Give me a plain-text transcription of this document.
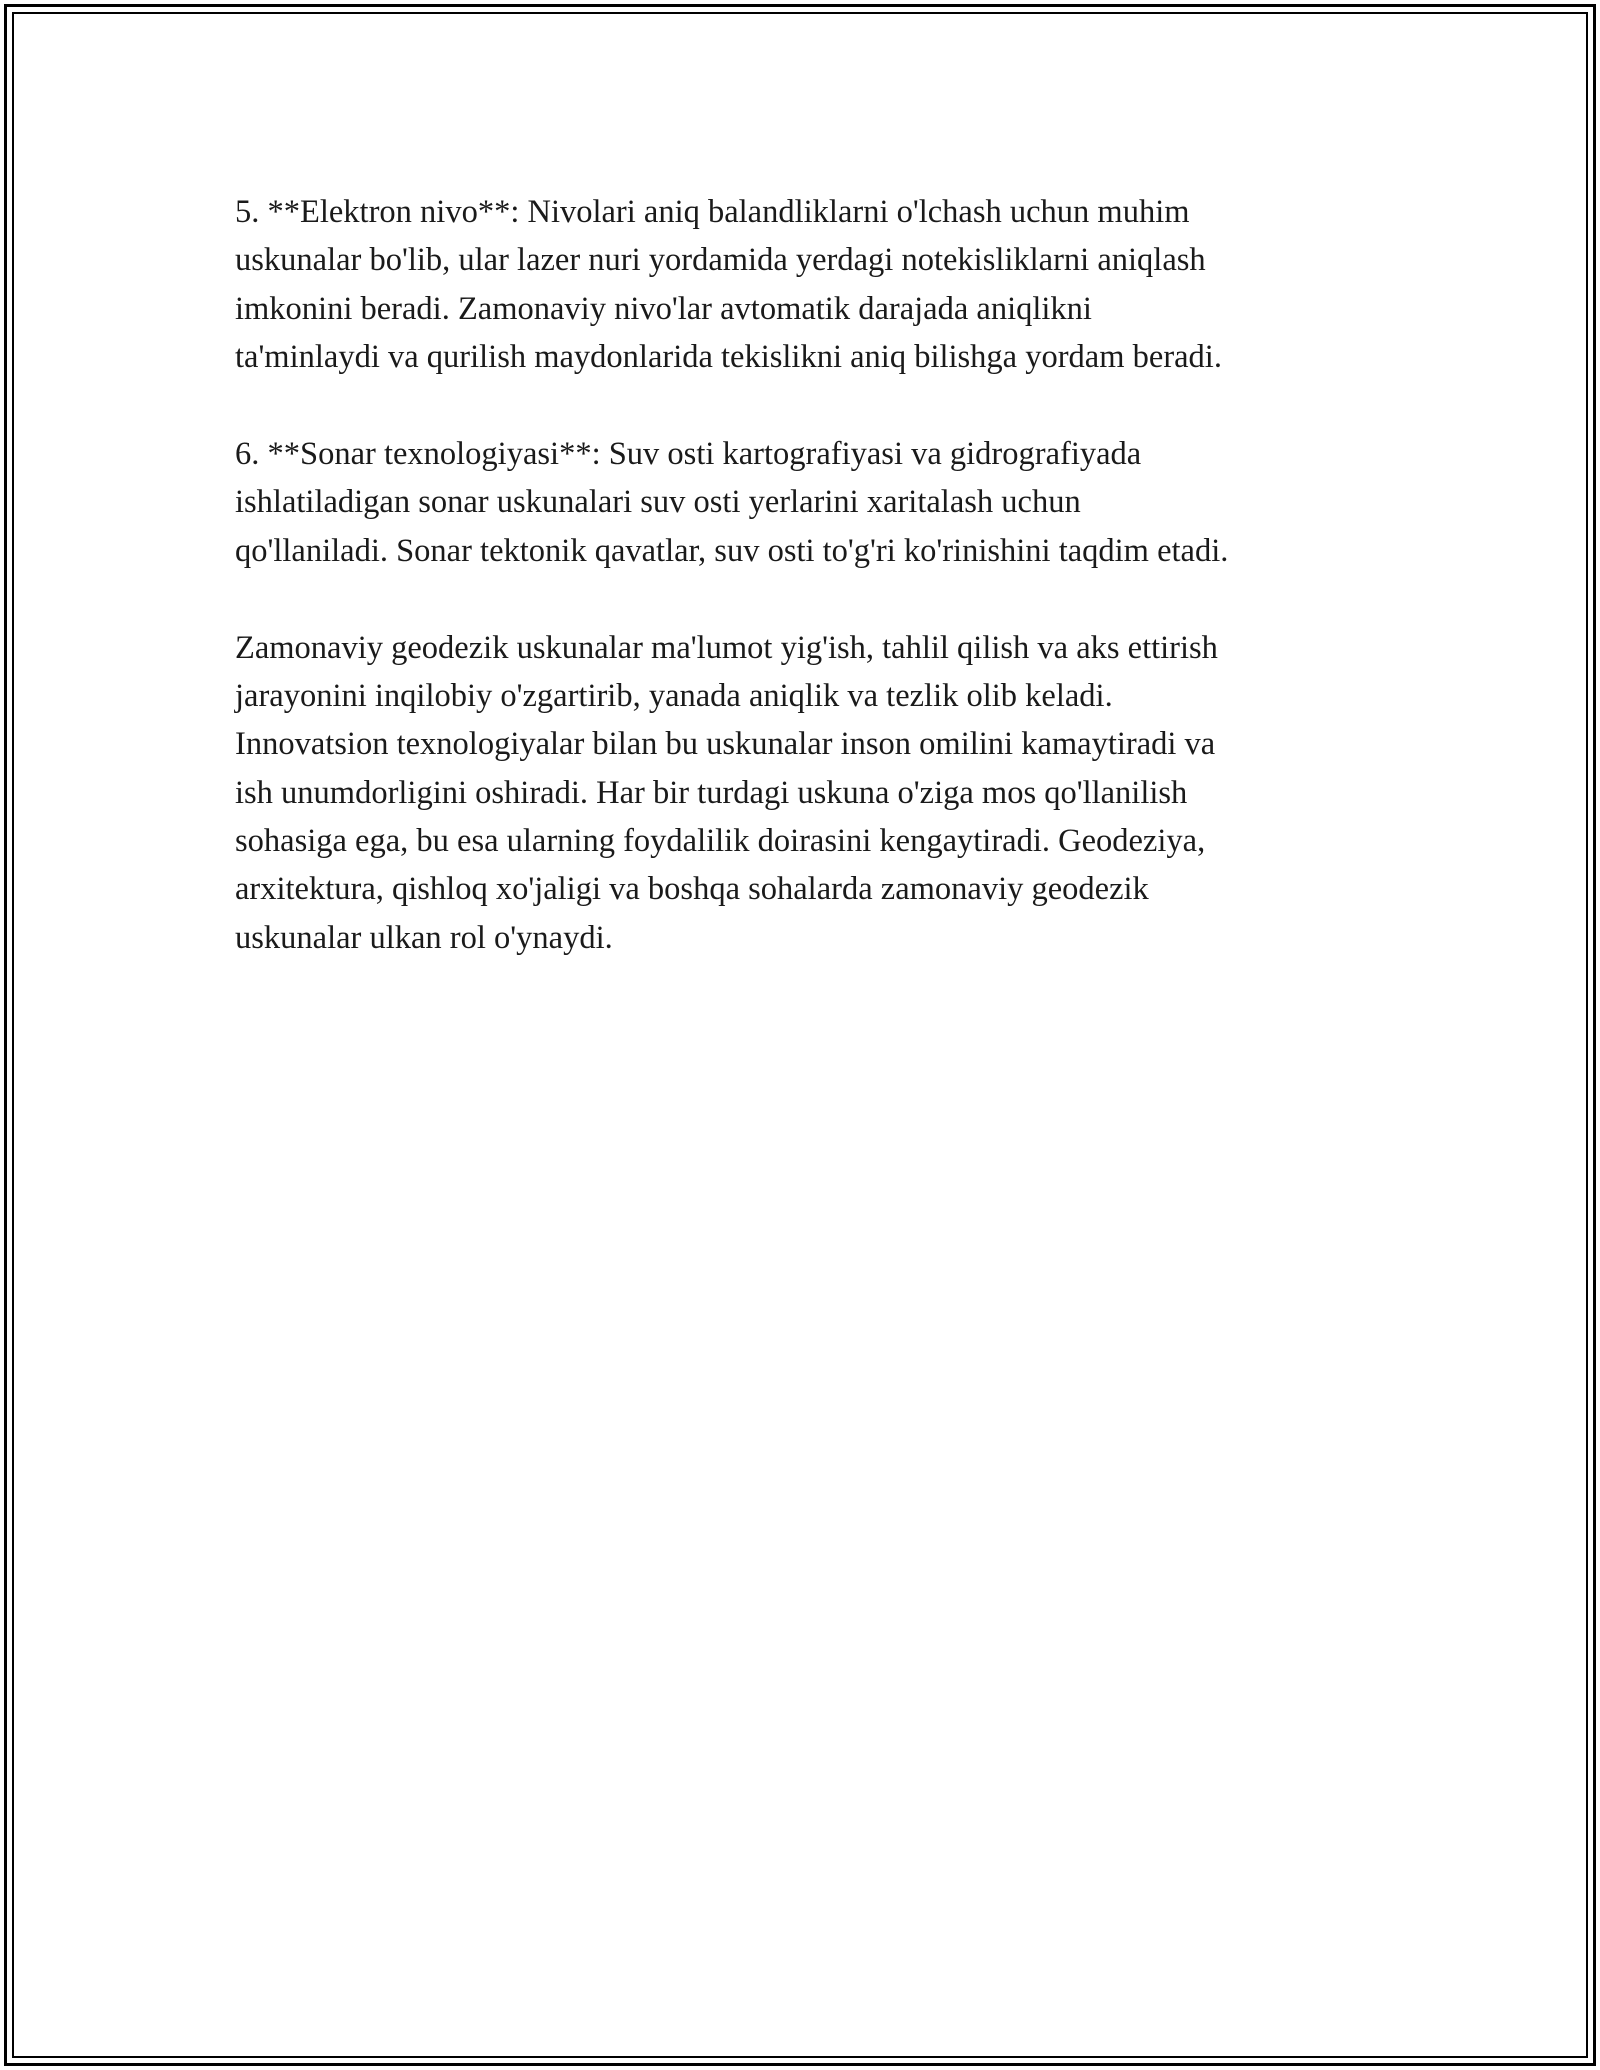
5. **Elektron nivo**: Nivolari aniq balandliklarni o'lchash uchun muhim
uskunalar bo'lib, ular lazer nuri yordamida yerdagi notekisliklarni aniqlash
imkonini beradi. Zamonaviy nivo'lar avtomatik darajada aniqlikni
ta'minlaydi va qurilish maydonlarida tekislikni aniq bilishga yordam beradi.
6. **Sonar texnologiyasi**: Suv osti kartografiyasi va gidrografiyada
ishlatiladigan sonar uskunalari suv osti yerlarini xaritalash uchun
qo'llaniladi. Sonar tektonik qavatlar, suv osti to'g'ri ko'rinishini taqdim etadi.
Zamonaviy geodezik uskunalar ma'lumot yig'ish, tahlil qilish va aks ettirish
jarayonini inqilobiy o'zgartirib, yanada aniqlik va tezlik olib keladi.
Innovatsion texnologiyalar bilan bu uskunalar inson omilini kamaytiradi va
ish unumdorligini oshiradi. Har bir turdagi uskuna o'ziga mos qo'llanilish
sohasiga ega, bu esa ularning foydalilik doirasini kengaytiradi. Geodeziya,
arxitektura, qishloq xo'jaligi va boshqa sohalarda zamonaviy geodezik
uskunalar ulkan rol o'ynaydi.
